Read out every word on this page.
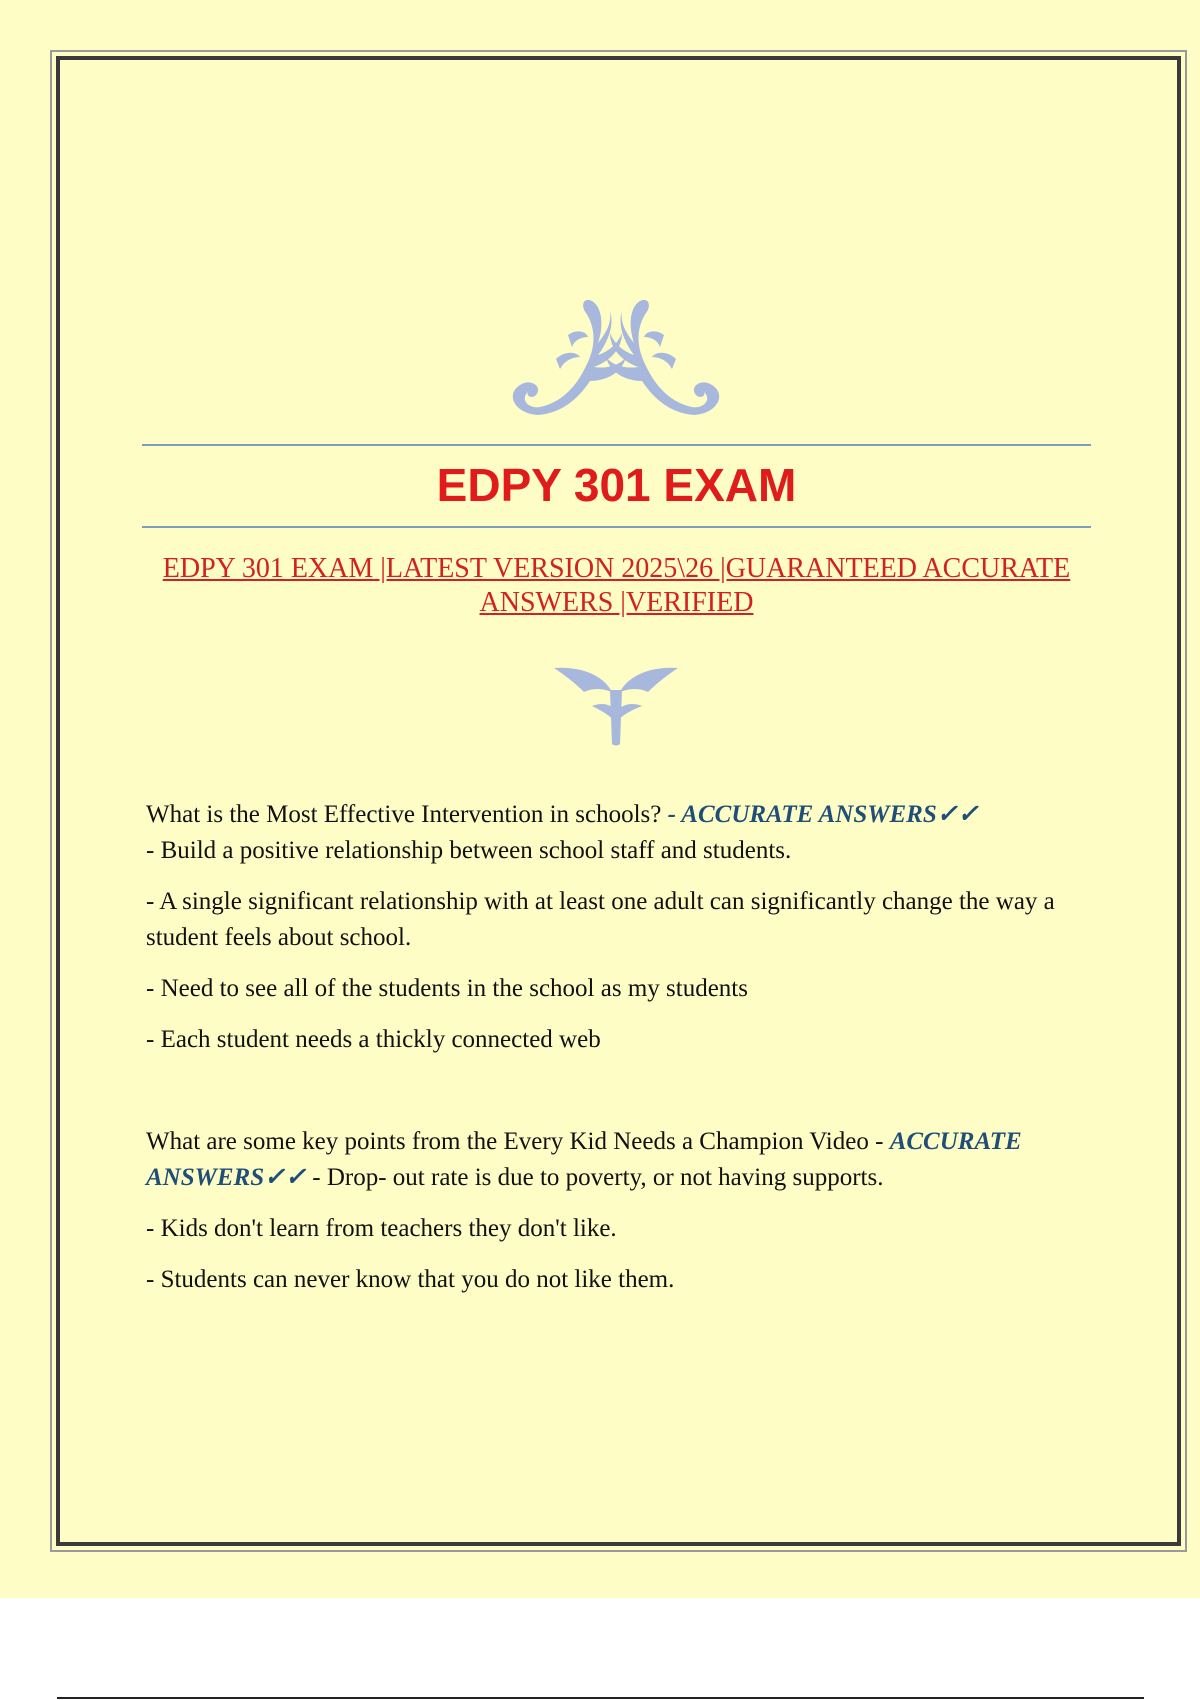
EDPY 301 EXAM

EDPY 301 EXAM |LATEST VERSION 2025\26 |GUARANTEED ACCURATE ANSWERS |VERIFIED

What is the Most Effective Intervention in schools? - ACCURATE ANSWERS✓✓
- Build a positive relationship between school staff and students.

- A single significant relationship with at least one adult can significantly change the way a student feels about school.

- Need to see all of the students in the school as my students

- Each student needs a thickly connected web

What are some key points from the Every Kid Needs a Champion Video - ACCURATE ANSWERS✓✓ - Drop- out rate is due to poverty, or not having supports.

- Kids don't learn from teachers they don't like.

- Students can never know that you do not like them.
